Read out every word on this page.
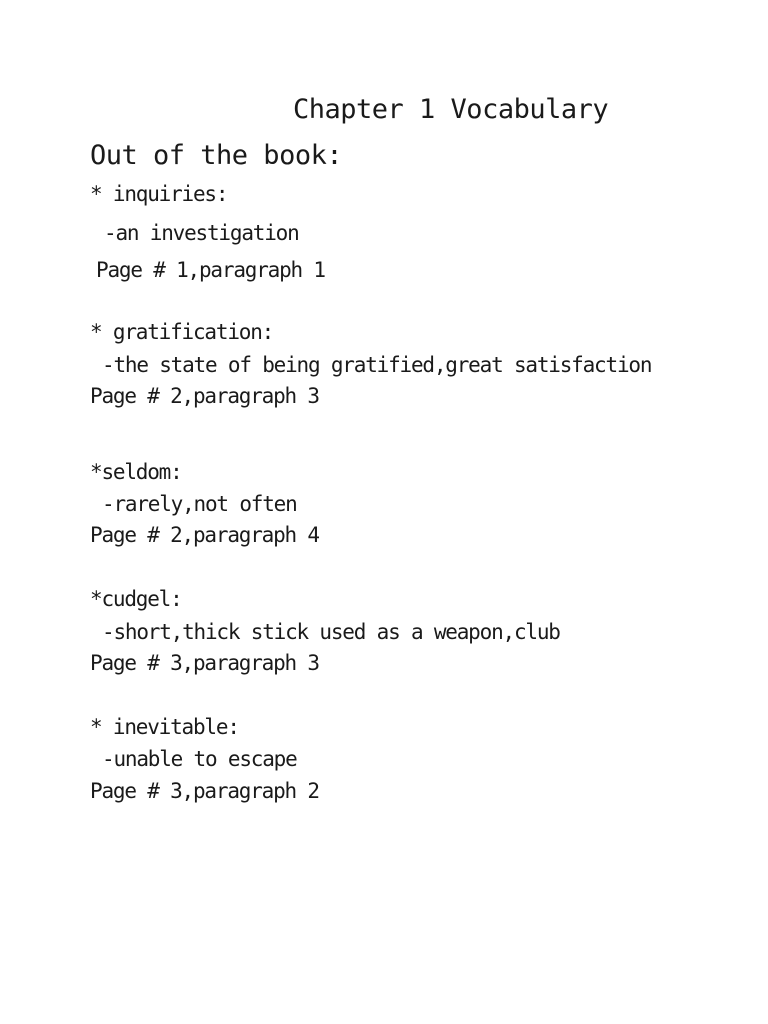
Chapter 1 Vocabulary
Out of the book:
* inquiries:
-an investigation
Page # 1,paragraph 1
* gratification:
-the state of being gratified,great satisfaction
Page # 2,paragraph 3
*seldom:
-rarely,not often
Page # 2,paragraph 4
*cudgel:
-short,thick stick used as a weapon,club
Page # 3,paragraph 3
* inevitable:
-unable to escape
Page # 3,paragraph 2
